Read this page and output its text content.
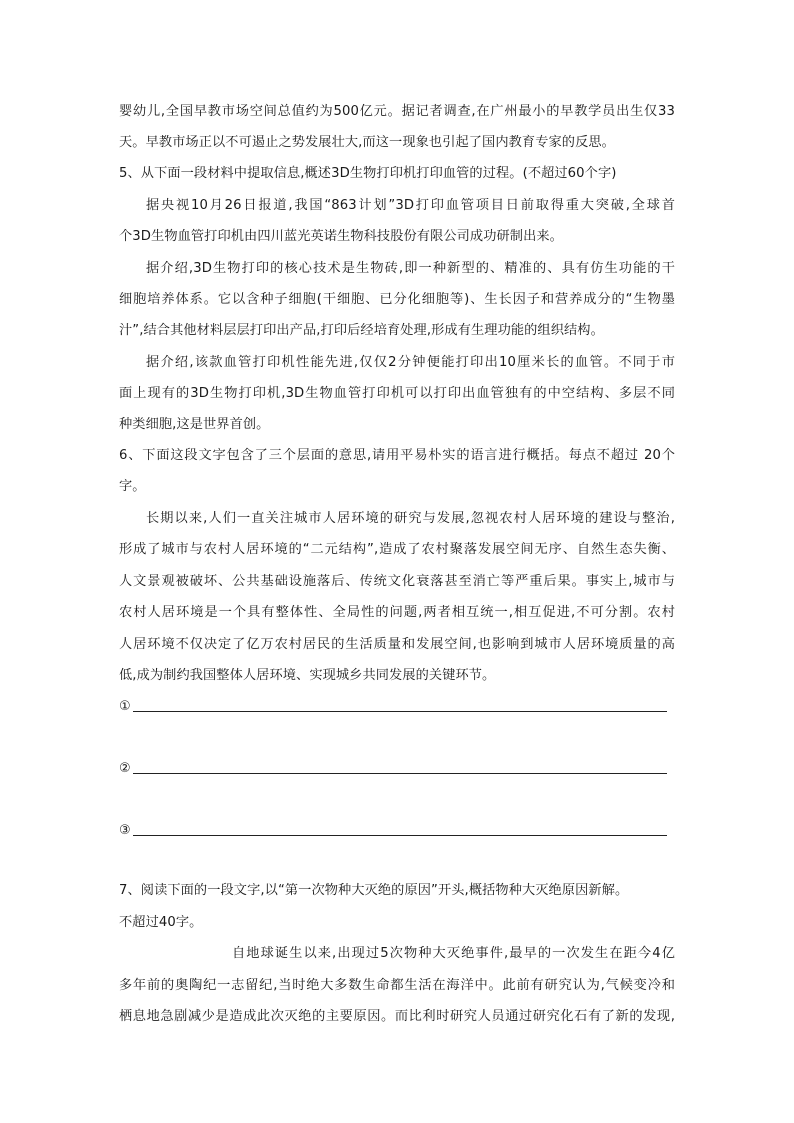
婴幼儿,全国早教市场空间总值约为500亿元。据记者调查,在广州最小的早教学员出生仅33
天。早教市场正以不可遏止之势发展壮大,而这一现象也引起了国内教育专家的反思。
5、从下面一段材料中提取信息,概述3D生物打印机打印血管的过程。(不超过60个字)
据央视10月26日报道,我国“863计划”3D打印血管项目日前取得重大突破,全球首
个3D生物血管打印机由四川蓝光英诺生物科技股份有限公司成功研制出来。
据介绍,3D生物打印的核心技术是生物砖,即一种新型的、精准的、具有仿生功能的干
细胞培养体系。它以含种子细胞(干细胞、已分化细胞等)、生长因子和营养成分的“生物墨
汁”,结合其他材料层层打印出产品,打印后经培育处理,形成有生理功能的组织结构。
据介绍,该款血管打印机性能先进,仅仅2分钟便能打印出10厘米长的血管。不同于市
面上现有的3D生物打印机,3D生物血管打印机可以打印出血管独有的中空结构、多层不同
种类细胞,这是世界首创。
6、下面这段文字包含了三个层面的意思,请用平易朴实的语言进行概括。每点不超过 20个
字。
长期以来,人们一直关注城市人居环境的研究与发展,忽视农村人居环境的建设与整治,
形成了城市与农村人居环境的“二元结构”,造成了农村聚落发展空间无序、自然生态失衡、
人文景观被破坏、公共基础设施落后、传统文化衰落甚至消亡等严重后果。事实上,城市与
农村人居环境是一个具有整体性、全局性的问题,两者相互统一,相互促进,不可分割。农村
人居环境不仅决定了亿万农村居民的生活质量和发展空间,也影响到城市人居环境质量的高
低,成为制约我国整体人居环境、实现城乡共同发展的关键环节。
①
②
③
7、阅读下面的一段文字,以“第一次物种大灭绝的原因”开头,概括物种大灭绝原因新解。
不超过40字。
自地球诞生以来,出现过5次物种大灭绝事件,最早的一次发生在距今4亿
多年前的奥陶纪一志留纪,当时绝大多数生命都生活在海洋中。此前有研究认为,气候变冷和
栖息地急剧减少是造成此次灭绝的主要原因。而比利时研究人员通过研究化石有了新的发现,
